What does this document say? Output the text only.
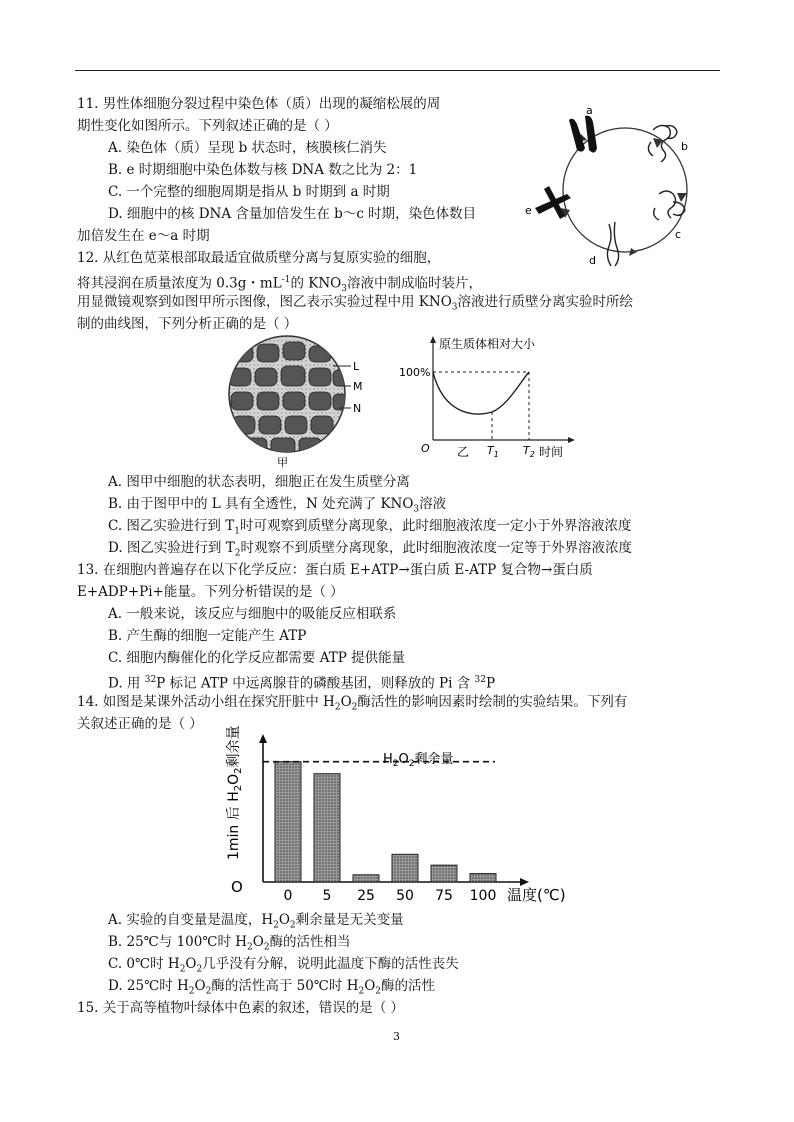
11. 男性体细胞分裂过程中染色体（质）出现的凝缩松展的周
期性变化如图所示。下列叙述正确的是（ ）
A. 染色体（质）呈现 b 状态时，核膜核仁消失
B. e 时期细胞中染色体数与核 DNA 数之比为 2：1
C. 一个完整的细胞周期是指从 b 时期到 a 时期
D. 细胞中的核 DNA 含量加倍发生在 b～c 时期，染色体数目
加倍发生在 e～a 时期
a
b
c
d
e
12. 从红色苋菜根部取最适宜做质壁分离与复原实验的细胞，
将其浸润在质量浓度为 0.3g・$mL^{-1}$的 $KNO_3$溶液中制成临时装片，
用显微镜观察到如图甲所示图像，图乙表示实验过程中用 $KNO_3$溶液进行质壁分离实验时所绘
制的曲线图，下列分析正确的是（ ）
L
M
N
甲
原生质体相对大小
100%
O 乙 $T_1$ $T_2$ 时间
A. 图甲中细胞的状态表明，细胞正在发生质壁分离
B. 由于图甲中的 L 具有全透性，N 处充满了 $KNO_3$溶液
C. 图乙实验进行到 $T_1$时可观察到质壁分离现象，此时细胞液浓度一定小于外界溶液浓度
D. 图乙实验进行到 $T_2$时观察不到质壁分离现象，此时细胞液浓度一定等于外界溶液浓度
13. 在细胞内普遍存在以下化学反应：蛋白质 E+ATP→蛋白质 E-ATP 复合物→蛋白质
E+ADP+Pi+能量。下列分析错误的是（ ）
A. 一般来说，该反应与细胞中的吸能反应相联系
B. 产生酶的细胞一定能产生 ATP
C. 细胞内酶催化的化学反应都需要 ATP 提供能量
D. 用 $^{32}$P 标记 ATP 中远离腺苷的磷酸基团，则释放的 Pi 含 $^{32}$P
14. 如图是某课外活动小组在探究肝脏中 $H_2O_2$酶活性的影响因素时绘制的实验结果。下列有
关叙述正确的是（ ）
0 5 25 50 75 100
$H_2O_2$剩余量
O	温度(℃)
1min 后 $H_2O_2$剩余量
A. 实验的自变量是温度，$H_2O_2$剩余量是无关变量
B. 25℃与 100℃时 $H_2O_2$酶的活性相当
C. 0℃时 $H_2O_2$几乎没有分解，说明此温度下酶的活性丧失
D. 25℃时 $H_2O_2$酶的活性高于 50℃时 $H_2O_2$酶的活性
15. 关于高等植物叶绿体中色素的叙述，错误的是（ ）
3
